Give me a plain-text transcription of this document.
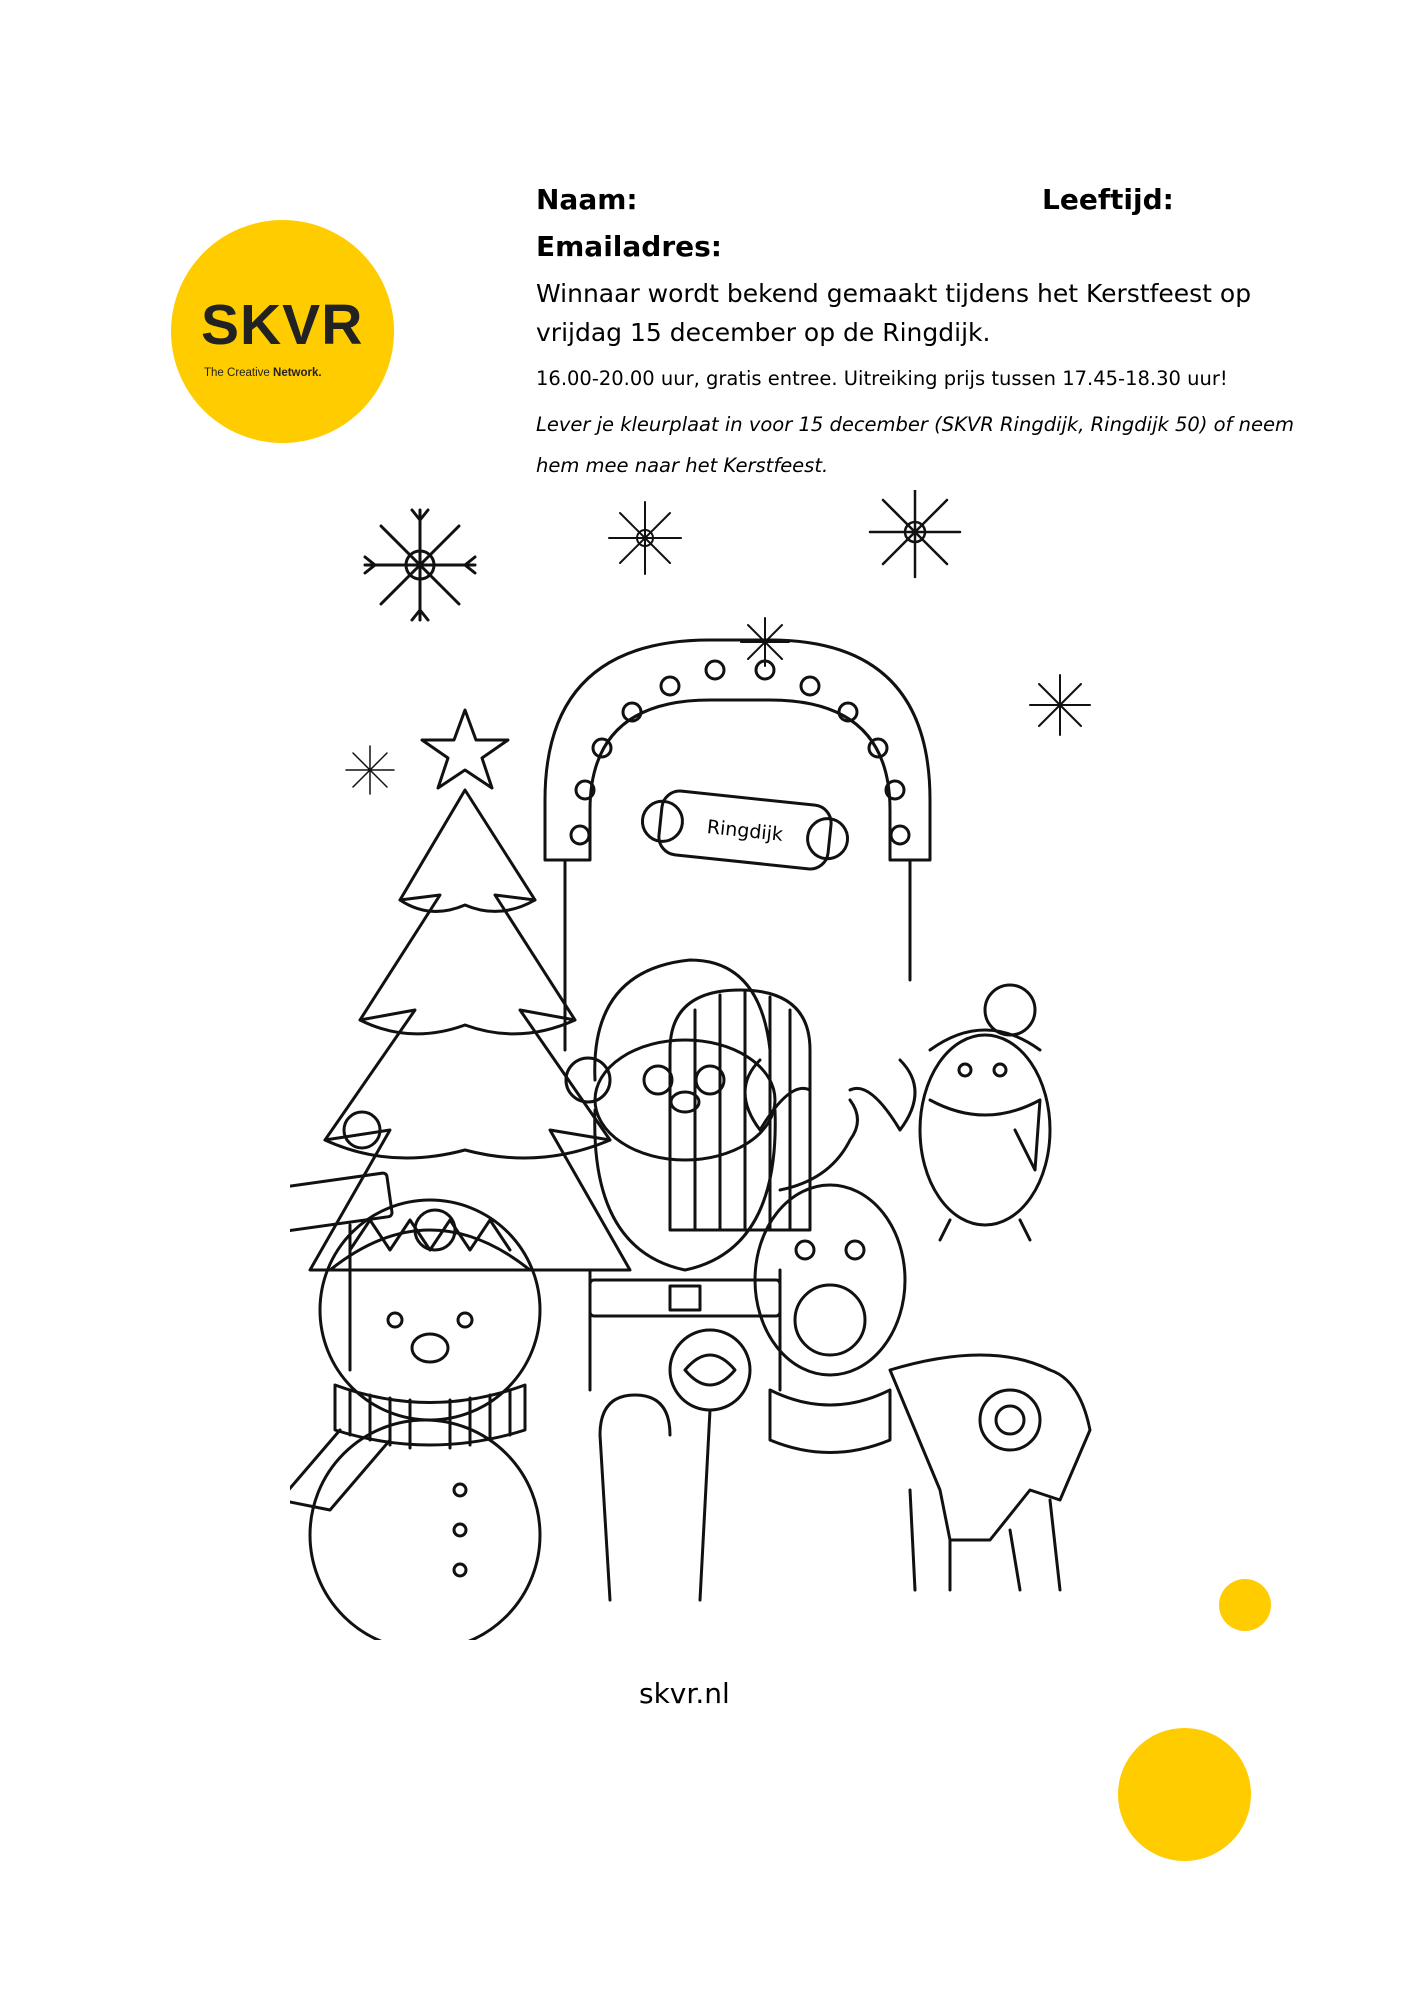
SKVR
The Creative Network.
Naam:	Leeftijd:
Emailadres:
Winnaar wordt bekend gemaakt tijdens het Kerstfeest op vrijdag 15 december op de Ringdijk.
16.00-20.00 uur, gratis entree. Uitreiking prijs tussen 17.45-18.30 uur!
Lever je kleurplaat in voor 15 december (SKVR Ringdijk, Ringdijk 50) of neem hem mee naar het Kerstfeest.
Ringdijk
skvr.nl
